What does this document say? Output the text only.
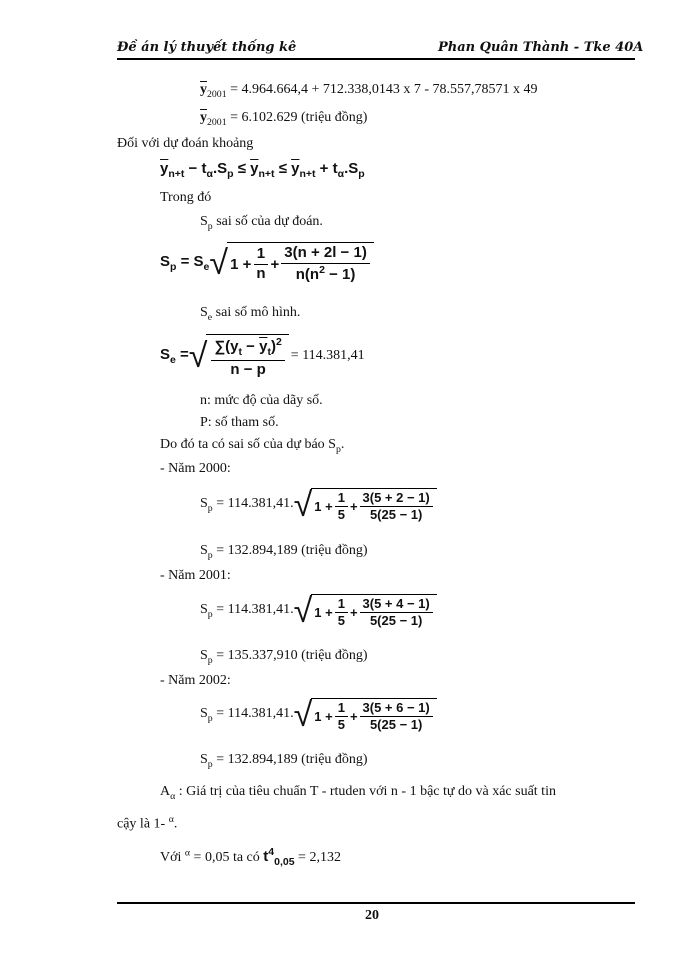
Đề án lý thuyết thống kê	Phan Quân Thành - Tke 40A
$\overline{y}_{2001} = 4.964.664,4 + 712.338,0143$ x 7 - 78.557,78571 x 49
$\overline{y}_{2001} = 6.102.629$ (triệu đồng)
Đối với dự đoán khoảng
$\overline{y}_{n+t} - t_\alpha.S_p \le \overline{y}_{n+t} \le \overline{y}_{n+t} + t_\alpha.S_p$
Trong đó
$S_p$ sai số của dự đoán.
$S_p = S_e$ √ $1 + \frac{1}{n} + \frac{3(n + 2l - 1)}{n(n^2 - 1)}$
$S_e$ sai số mô hình.
$S_e$ = √ $\frac{\sum(y_t - \overline{y}_t)^2}{n - p} = 114.381,41$
n: mức độ của dãy số.
P: số tham số.
Do đó ta có sai số của dự báo $S_p$.
- Năm 2000:
$S_p = 114.381,41$. √ $1 + \frac{1}{5} + \frac{3(5 + 2 - 1)}{5(25 - 1)}$
$S_p = 132.894,189$ (triệu đồng)
- Năm 2001:
$S_p = 114.381,41$. √ $1 + \frac{1}{5} + \frac{3(5 + 4 - 1)}{5(25 - 1)}$
$S_p = 135.337,910$ (triệu đồng)
- Năm 2002:
$S_p = 114.381,41$. √ $1 + \frac{1}{5} + \frac{3(5 + 6 - 1)}{5(25 - 1)}$
$S_p = 132.894,189$ (triệu đồng)
$A_\alpha$ : Giá trị của tiêu chuẩn T - rtuden với n - 1 bậc tự do và xác suất tin
cậy là 1- $^\alpha$.
Với $^\alpha$ = 0,05 ta có $t^4_{0,05} = 2,132$
20
